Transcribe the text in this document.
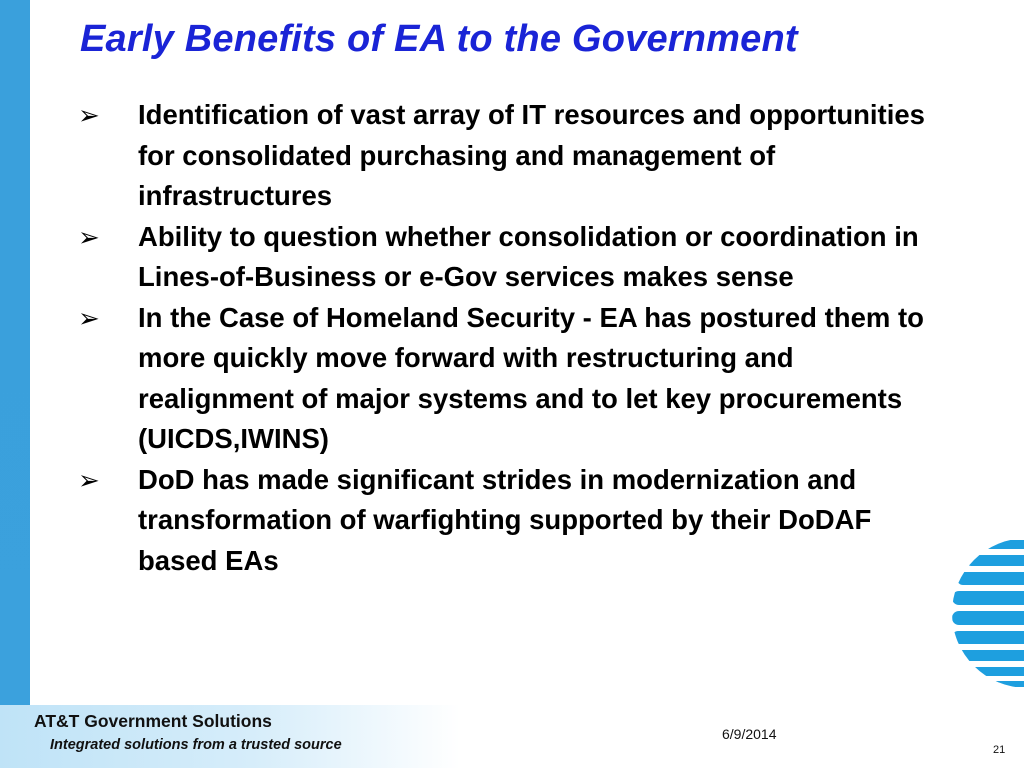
Early Benefits of EA to the Government
➢ Identification of vast array of IT resources and opportunities for consolidated purchasing and management of infrastructures
➢ Ability to question whether consolidation or coordination in Lines-of-Business or e-Gov services makes sense
➢ In the Case of Homeland Security - EA has postured them to more quickly move forward with restructuring and realignment of major systems and to let key procurements (UICDS,IWINS)
➢ DoD has made significant strides in modernization and transformation of warfighting supported by their DoDAF based EAs
AT&T Government Solutions
Integrated solutions from a trusted source
6/9/2014
21
